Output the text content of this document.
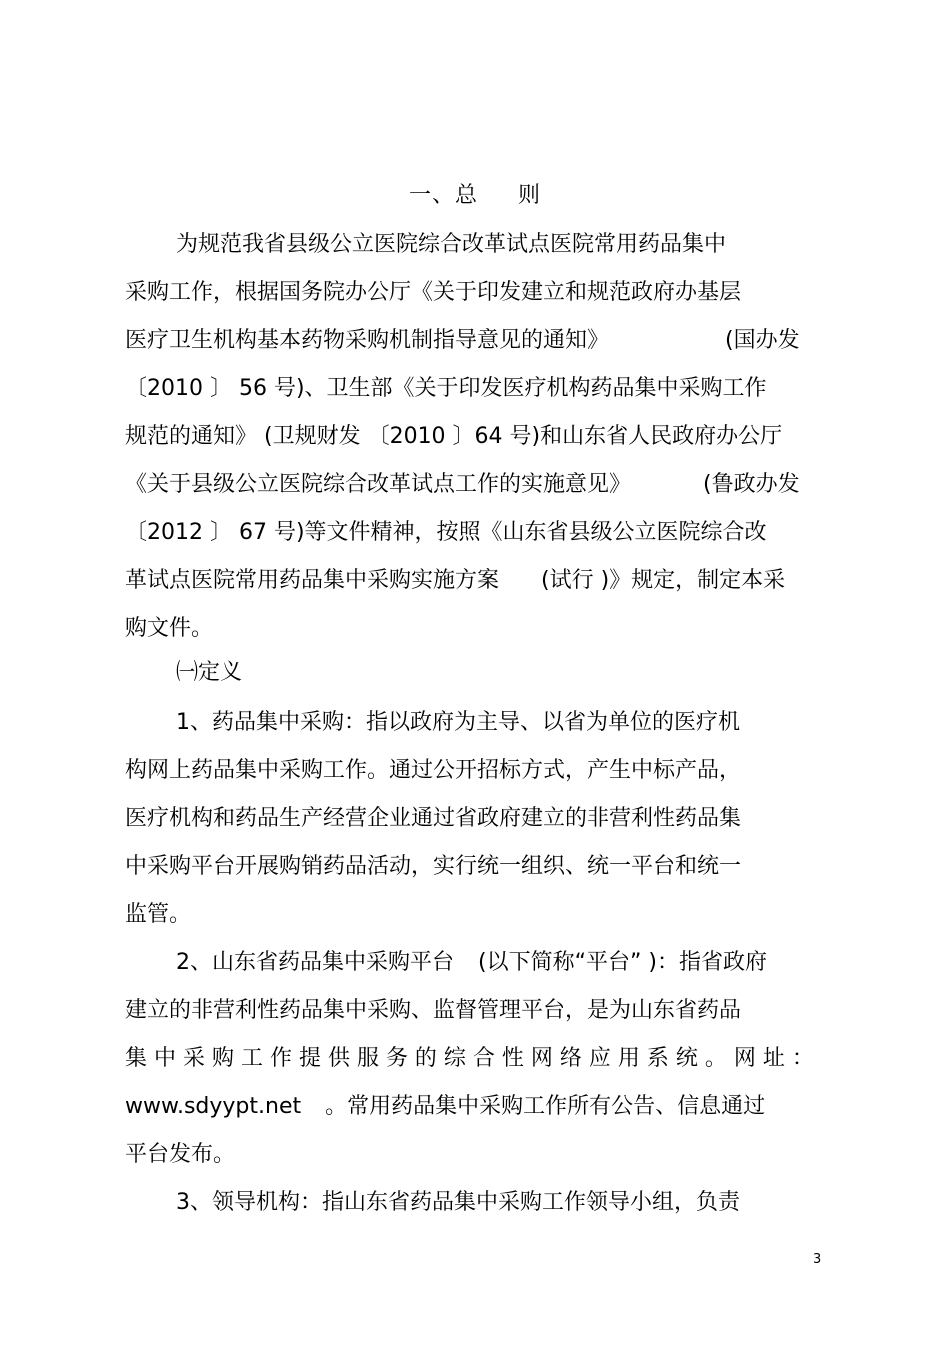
一、总 则
为规范我省县级公立医院综合改革试点医院常用药品集中
采购工作，根据国务院办公厅《关于印发建立和规范政府办基层
医疗卫生机构基本药物采购机制指导意见的通知》	(国办发
〔2010 〕 56 号)、卫生部《关于印发医疗机构药品集中采购工作
规范的通知》 (卫规财发 〔2010 〕64 号)和山东省人民政府办公厅
《关于县级公立医院综合改革试点工作的实施意见》	(鲁政办发
〔2012 〕 67 号)等文件精神，按照《山东省县级公立医院综合改
革试点医院常用药品集中采购实施方案 (试行 )》规定，制定本采
购文件。
㈠定义
1、药品集中采购：指以政府为主导、以省为单位的医疗机
构网上药品集中采购工作。通过公开招标方式，产生中标产品，
医疗机构和药品生产经营企业通过省政府建立的非营利性药品集
中采购平台开展购销药品活动，实行统一组织、统一平台和统一
监管。
2、山东省药品集中采购平台 (以下简称“平台” )：指省政府
建立的非营利性药品集中采购、监督管理平台，是为山东省药品
集 中 采 购 工 作 提 供 服 务 的 综 合 性 网 络 应 用 系 统 。 网 址 ：
www.sdyypt.net 。常用药品集中采购工作所有公告、信息通过
平台发布。
3、领导机构：指山东省药品集中采购工作领导小组，负责
3
